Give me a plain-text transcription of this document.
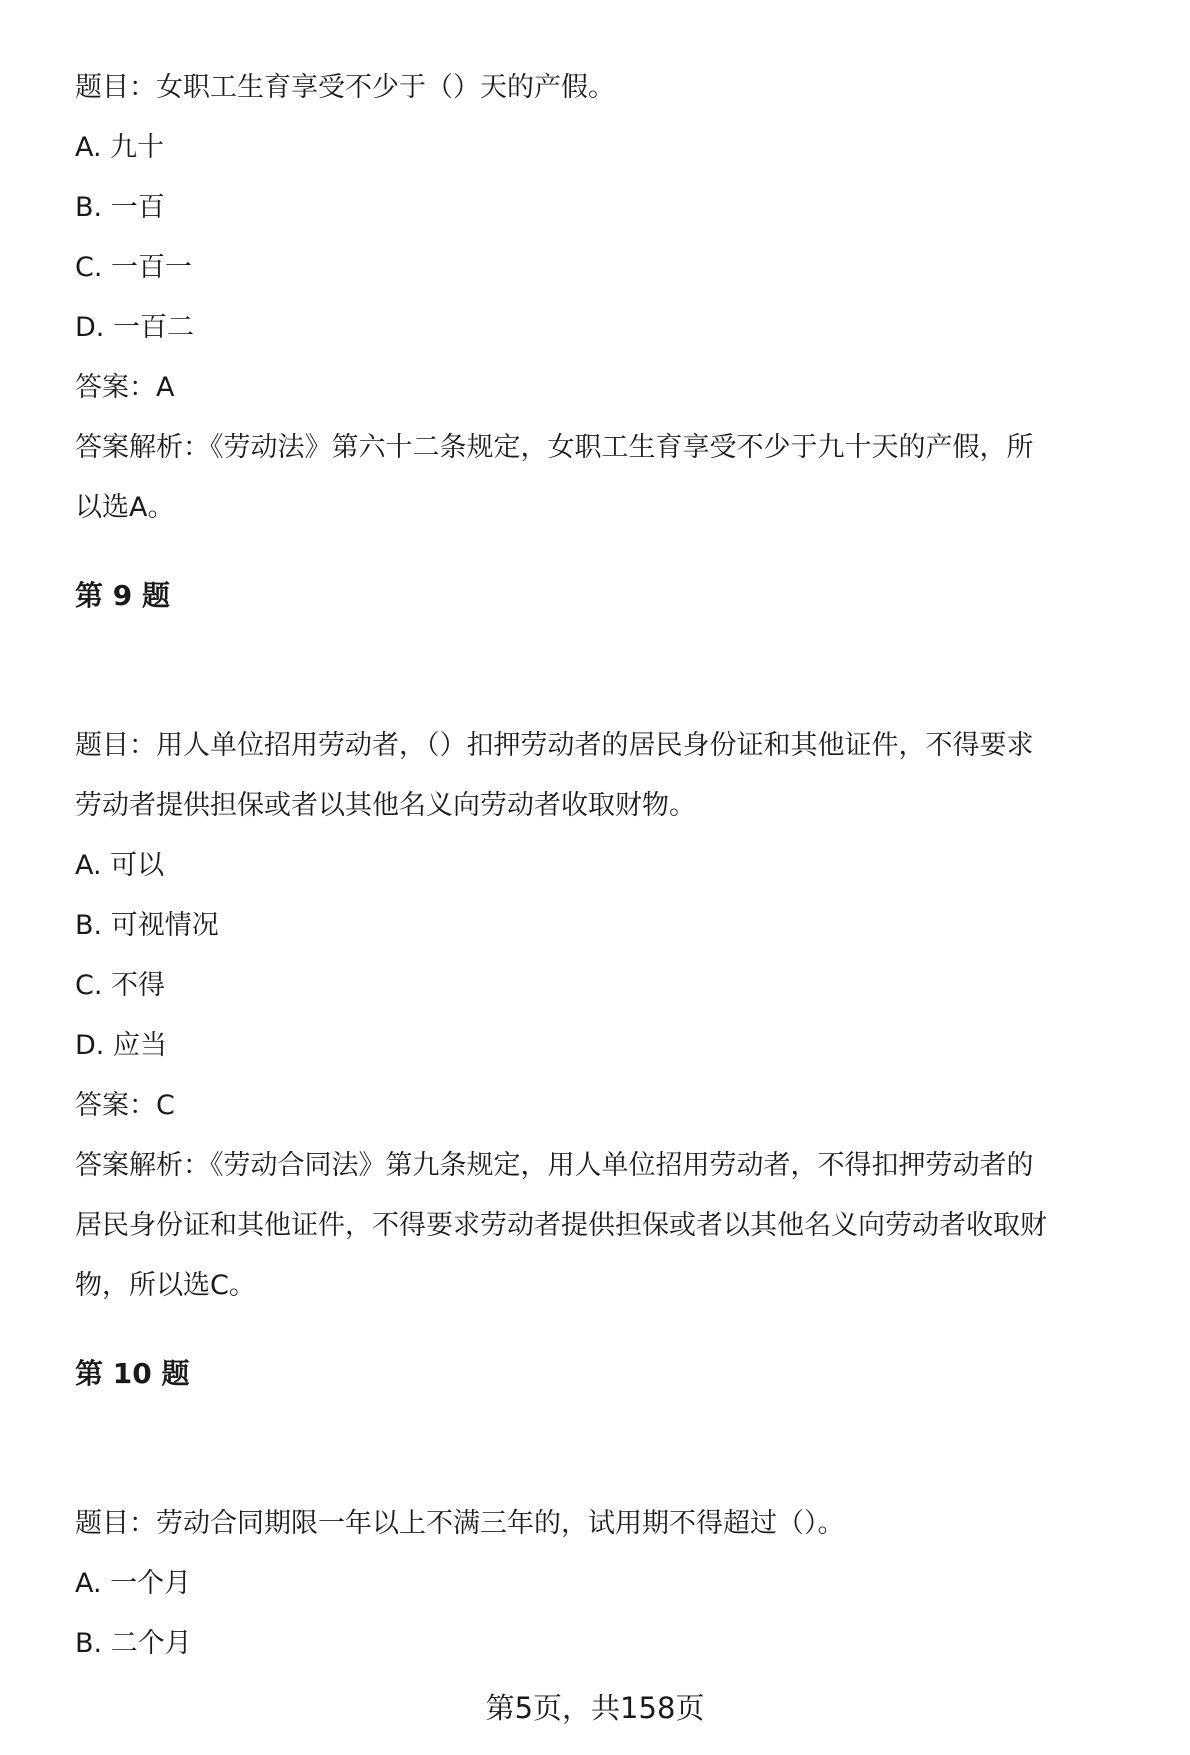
题目：女职工生育享受不少于（）天的产假。
A. 九十
B. 一百
C. 一百一
D. 一百二
答案：A
答案解析：《劳动法》第六十二条规定，女职工生育享受不少于九十天的产假，所
以选A。
第 9 题
题目：用人单位招用劳动者，（）扣押劳动者的居民身份证和其他证件，不得要求
劳动者提供担保或者以其他名义向劳动者收取财物。
A. 可以
B. 可视情况
C. 不得
D. 应当
答案：C
答案解析：《劳动合同法》第九条规定，用人单位招用劳动者，不得扣押劳动者的
居民身份证和其他证件，不得要求劳动者提供担保或者以其他名义向劳动者收取财
物，所以选C。
第 10 题
题目：劳动合同期限一年以上不满三年的，试用期不得超过（）。
A. 一个月
B. 二个月
第5页，共158页
